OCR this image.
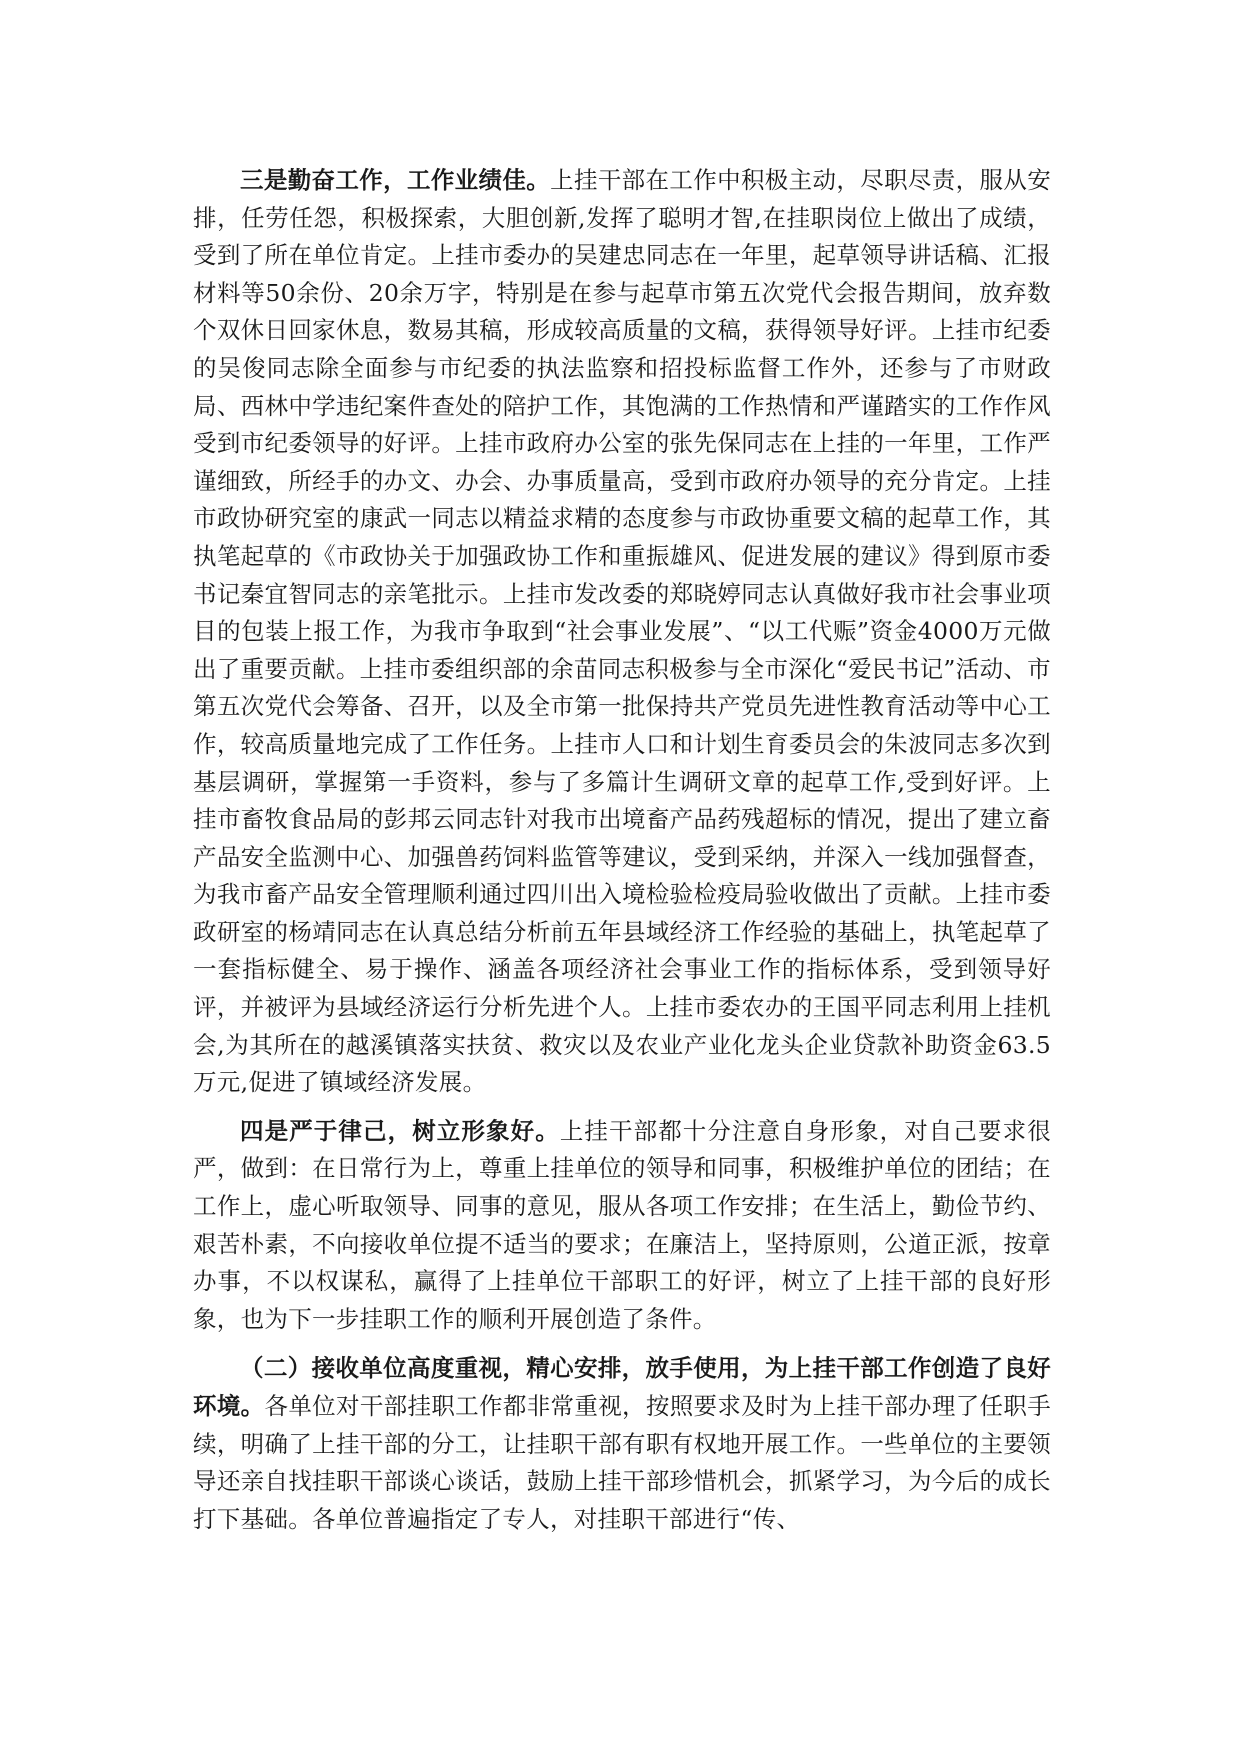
三是勤奋工作，工作业绩佳。上挂干部在工作中积极主动，尽职尽责，服从安排，任劳任怨，积极探索，大胆创新,发挥了聪明才智,在挂职岗位上做出了成绩，受到了所在单位肯定。上挂市委办的吴建忠同志在一年里，起草领导讲话稿、汇报材料等50余份、20余万字，特别是在参与起草市第五次党代会报告期间，放弃数个双休日回家休息，数易其稿，形成较高质量的文稿，获得领导好评。上挂市纪委的吴俊同志除全面参与市纪委的执法监察和招投标监督工作外，还参与了市财政局、西林中学违纪案件查处的陪护工作，其饱满的工作热情和严谨踏实的工作作风受到市纪委领导的好评。上挂市政府办公室的张先保同志在上挂的一年里，工作严谨细致，所经手的办文、办会、办事质量高，受到市政府办领导的充分肯定。上挂市政协研究室的康武一同志以精益求精的态度参与市政协重要文稿的起草工作，其执笔起草的《市政协关于加强政协工作和重振雄风、促进发展的建议》得到原市委书记秦宜智同志的亲笔批示。上挂市发改委的郑晓婷同志认真做好我市社会事业项目的包装上报工作，为我市争取到“社会事业发展”、“以工代赈”资金4000万元做出了重要贡献。上挂市委组织部的余苗同志积极参与全市深化“爱民书记”活动、市第五次党代会筹备、召开，以及全市第一批保持共产党员先进性教育活动等中心工作，较高质量地完成了工作任务。上挂市人口和计划生育委员会的朱波同志多次到基层调研，掌握第一手资料，参与了多篇计生调研文章的起草工作,受到好评。上挂市畜牧食品局的彭邦云同志针对我市出境畜产品药残超标的情况，提出了建立畜产品安全监测中心、加强兽药饲料监管等建议，受到采纳，并深入一线加强督查，为我市畜产品安全管理顺利通过四川出入境检验检疫局验收做出了贡献。上挂市委政研室的杨靖同志在认真总结分析前五年县域经济工作经验的基础上，执笔起草了一套指标健全、易于操作、涵盖各项经济社会事业工作的指标体系，受到领导好评，并被评为县域经济运行分析先进个人。上挂市委农办的王国平同志利用上挂机会,为其所在的越溪镇落实扶贫、救灾以及农业产业化龙头企业贷款补助资金63.5万元,促进了镇域经济发展。

四是严于律己，树立形象好。上挂干部都十分注意自身形象，对自己要求很严，做到：在日常行为上，尊重上挂单位的领导和同事，积极维护单位的团结；在工作上，虚心听取领导、同事的意见，服从各项工作安排；在生活上，勤俭节约、艰苦朴素，不向接收单位提不适当的要求；在廉洁上，坚持原则，公道正派，按章办事，不以权谋私，赢得了上挂单位干部职工的好评，树立了上挂干部的良好形象，也为下一步挂职工作的顺利开展创造了条件。

（二）接收单位高度重视，精心安排，放手使用，为上挂干部工作创造了良好环境。各单位对干部挂职工作都非常重视，按照要求及时为上挂干部办理了任职手续，明确了上挂干部的分工，让挂职干部有职有权地开展工作。一些单位的主要领导还亲自找挂职干部谈心谈话，鼓励上挂干部珍惜机会，抓紧学习，为今后的成长打下基础。各单位普遍指定了专人，对挂职干部进行“传、
